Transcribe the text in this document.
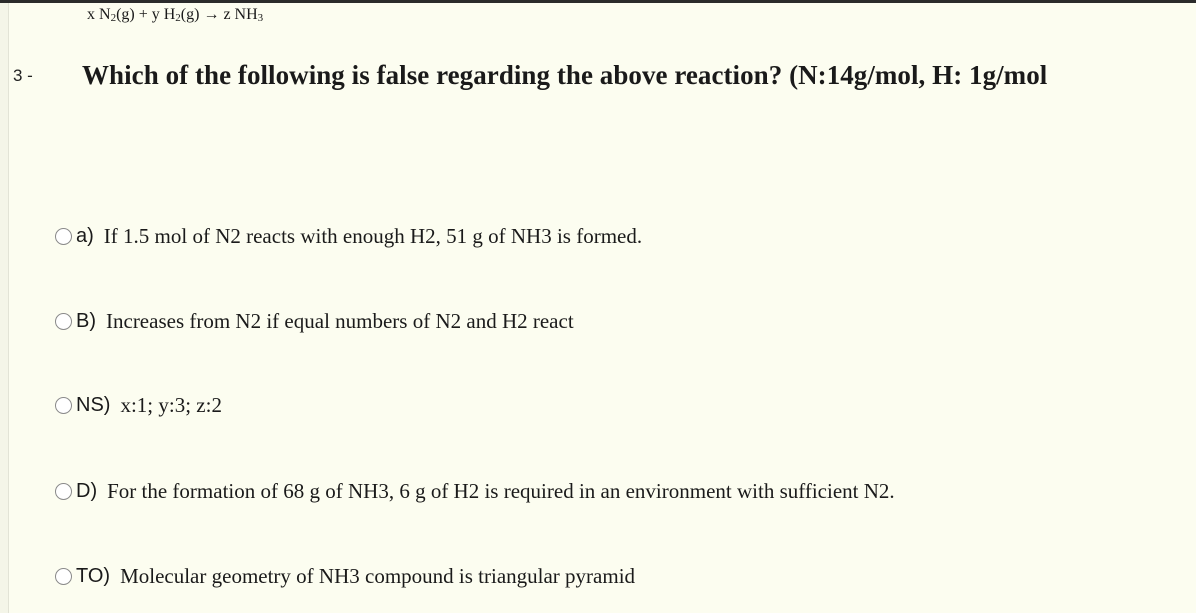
x $N_2(g) + y$ $H_2(g) \to z$ $NH_3$
3 - Which of the following is false regarding the above reaction? (N:14g/mol, H: 1g/mol
a) If 1.5 mol of N2 reacts with enough H2, 51 g of NH3 is formed.
B) Increases from N2 if equal numbers of N2 and H2 react
NS) x:1; y:3; z:2
D) For the formation of 68 g of NH3, 6 g of H2 is required in an environment with sufficient N2.
TO) Molecular geometry of NH3 compound is triangular pyramid
